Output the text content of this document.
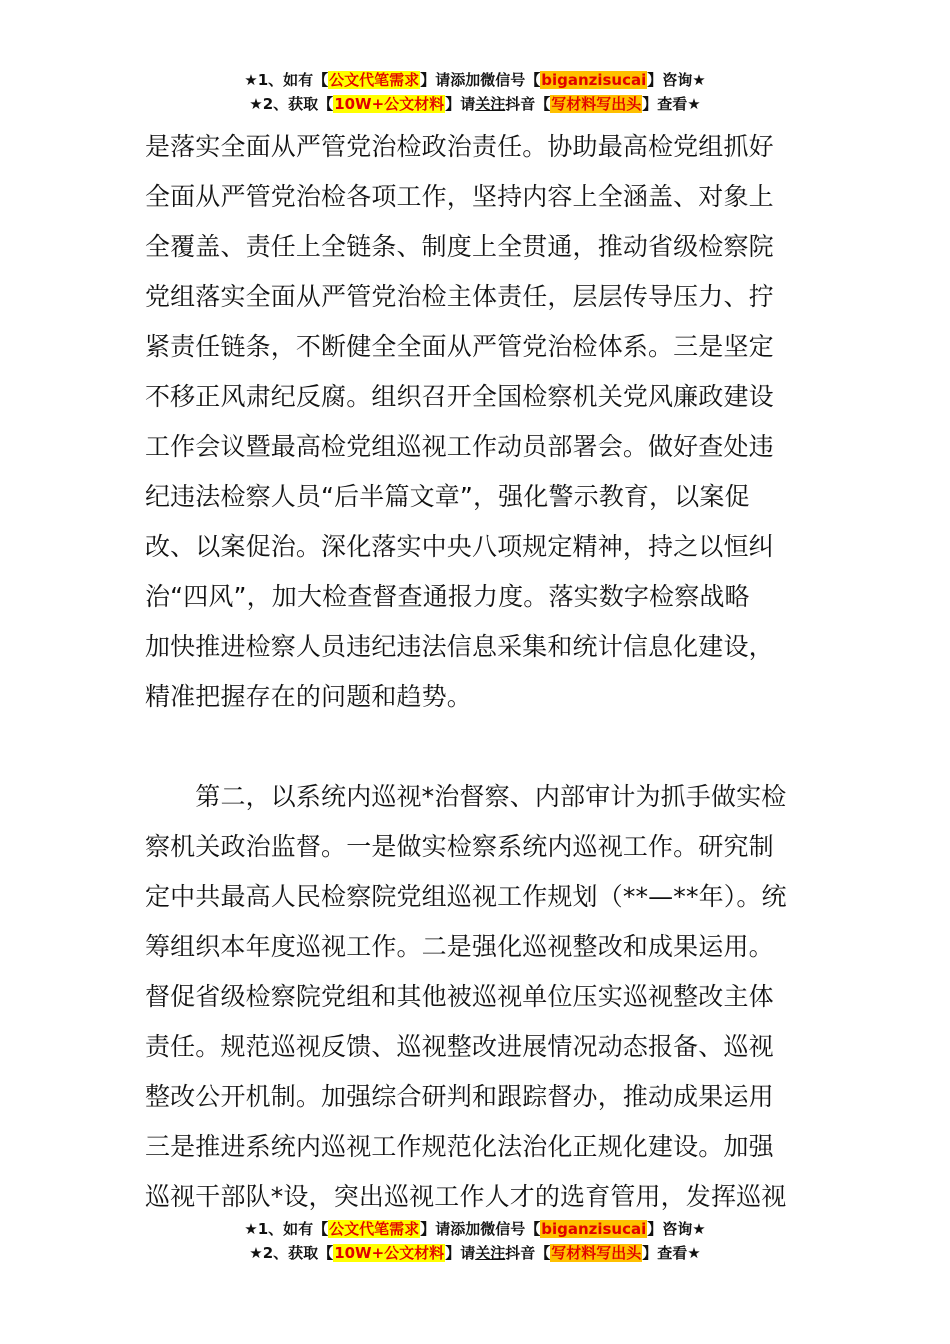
★1、如有【公文代笔需求】请添加微信号【biganzisucai】咨询★
★2、获取【10W+公文材料】请关注抖音【写材料写出头】查看★
是落实全面从严管党治检政治责任。协助最高检党组抓好
全面从严管党治检各项工作，坚持内容上全涵盖、对象上
全覆盖、责任上全链条、制度上全贯通，推动省级检察院
党组落实全面从严管党治检主体责任，层层传导压力、拧
紧责任链条，不断健全全面从严管党治检体系。三是坚定
不移正风肃纪反腐。组织召开全国检察机关党风廉政建设
工作会议暨最高检党组巡视工作动员部署会。做好查处违
纪违法检察人员“后半篇文章”，强化警示教育，以案促
改、以案促治。深化落实中央八项规定精神，持之以恒纠
治“四风”，加大检查督查通报力度。落实数字检察战略
加快推进检察人员违纪违法信息采集和统计信息化建设，
精准把握存在的问题和趋势。
　　第二，以系统内巡视*治督察、内部审计为抓手做实检
察机关政治监督。一是做实检察系统内巡视工作。研究制
定中共最高人民检察院党组巡视工作规划（**—**年）。统
筹组织本年度巡视工作。二是强化巡视整改和成果运用。
督促省级检察院党组和其他被巡视单位压实巡视整改主体
责任。规范巡视反馈、巡视整改进展情况动态报备、巡视
整改公开机制。加强综合研判和跟踪督办，推动成果运用
三是推进系统内巡视工作规范化法治化正规化建设。加强
巡视干部队*设，突出巡视工作人才的选育管用，发挥巡视
★1、如有【公文代笔需求】请添加微信号【biganzisucai】咨询★
★2、获取【10W+公文材料】请关注抖音【写材料写出头】查看★
